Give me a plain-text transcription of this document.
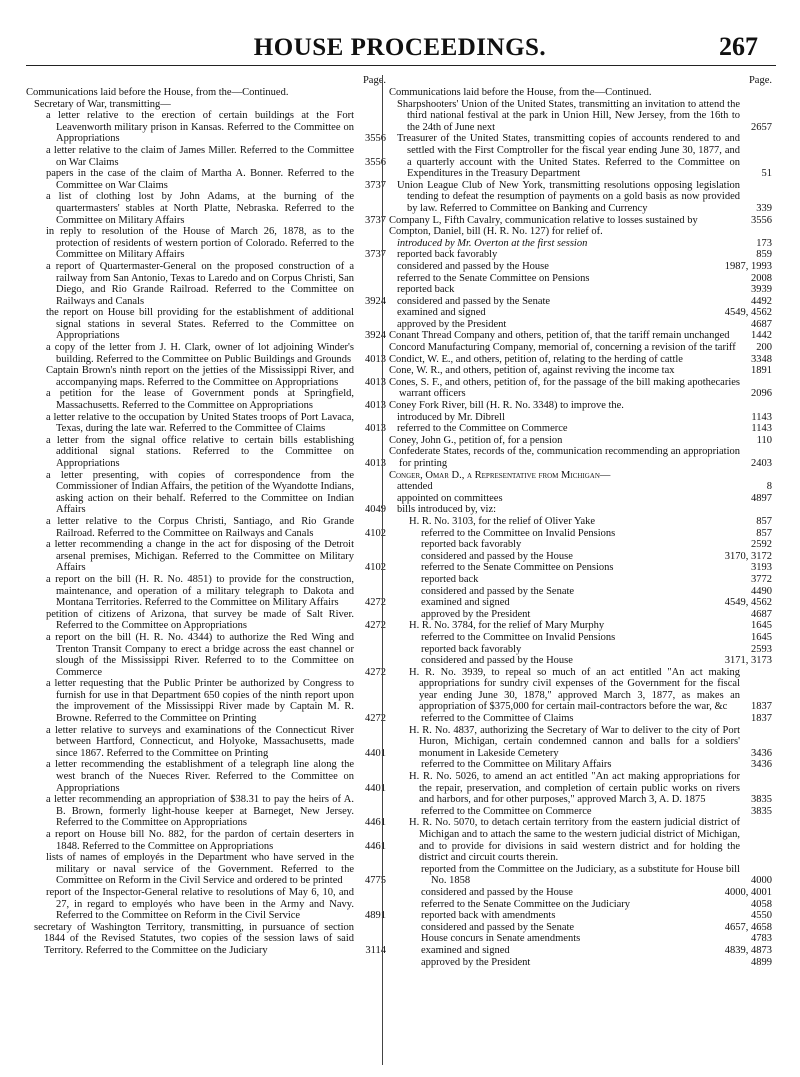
HOUSE PROCEEDINGS.	267
Page.
Communications laid before the House, from the—Continued.
Secretary of War, transmitting—
a letter relative to the erection of certain buildings at the Fort Leavenworth military prison in Kansas. Referred to the Committee on Appropriations	3556
a letter relative to the claim of James Miller. Referred to the Committee on War Claims	3556
papers in the case of the claim of Martha A. Bonner. Referred to the Committee on War Claims	3737
a list of clothing lost by John Adams, at the burning of the quartermasters' stables at North Platte, Nebraska. Referred to the Committee on Military Affairs	3737
in reply to resolution of the House of March 26, 1878, as to the protection of residents of western portion of Colorado. Referred to the Committee on Military Affairs	3737
a report of Quartermaster-General on the proposed construction of a railway from San Antonio, Texas to Laredo and on Corpus Christi, San Diego, and Rio Grande Railroad. Referred to the Committee on Railways and Canals	3924
the report on House bill providing for the establishment of additional signal stations in several States. Referred to the Committee on Appropriations	3924
a copy of the letter from J. H. Clark, owner of lot adjoining Winder's building. Referred to the Committee on Public Buildings and Grounds 4013
Captain Brown's ninth report on the jetties of the Mississippi River, and accompanying maps. Referred to the Committee on Appropriations	4013
a petition for the lease of Government ponds at Springfield, Massachusetts. Referred to the Committee on Appropriations	4013
a letter relative to the occupation by United States troops of Port Lavaca, Texas, during the late war. Referred to the Committee of Claims	4013
a letter from the signal office relative to certain bills establishing additional signal stations. Referred to the Committee on Appropriations	4013
a letter presenting, with copies of correspondence from the Commissioner of Indian Affairs, the petition of the Wyandotte Indians, asking action on their behalf. Referred to the Committee on Indian Affairs	4049
a letter relative to the Corpus Christi, Santiago, and Rio Grande Railroad. Referred to the Committee on Railways and Canals	4102
a letter recommending a change in the act for disposing of the Detroit arsenal premises, Michigan. Referred to the Committee on Military Affairs	4102
a report on the bill (H. R. No. 4851) to provide for the construction, maintenance, and operation of a military telegraph to Dakota and Montana Territories. Referred to the Committee on Military Affairs	4272
petition of citizens of Arizona, that survey be made of Salt River. Referred to the Committee on Appropriations	4272
a report on the bill (H. R. No. 4344) to authorize the Red Wing and Trenton Transit Company to erect a bridge across the east channel or slough of the Mississippi River. Referred to to the Committee on Commerce	4272
a letter requesting that the Public Printer be authorized by Congress to furnish for use in that Department 650 copies of the ninth report upon the improvement of the Mississippi River made by Captain M. R. Browne. Referred to the Committee on Printing	4272
a letter relative to surveys and examinations of the Connecticut River between Hartford, Connecticut, and Holyoke, Massachusetts, made since 1867. Referred to the Committee on Printing	4401
a letter recommending the establishment of a telegraph line along the west branch of the Nueces River. Referred to the Committee on Appropriations	4401
a letter recommending an appropriation of $38.31 to pay the heirs of A. B. Brown, formerly light-house keeper at Barneget, New Jersey. Referred to the Committee on Appropriations	4461
a report on House bill No. 882, for the pardon of certain deserters in 1848. Referred to the Committee on Appropriations	4461
lists of names of employés in the Department who have served in the military or naval service of the Government. Referred to the Committee on Reform in the Civil Service and ordered to be printed	4775
report of the Inspector-General relative to resolutions of May 6, 10, and 27, in regard to employés who have been in the Army and Navy. Referred to the Committee on Reform in the Civil Service	4891
secretary of Washington Territory, transmitting, in pursuance of section 1844 of the Revised Statutes, two copies of the session laws of said Territory. Referred to the Committee on the Judiciary	3114
Page.
Communications laid before the House, from the—Continued.
Sharpshooters' Union of the United States, transmitting an invitation to attend the third national festival at the park in Union Hill, New Jersey, from the 16th to the 24th of June next	2657
Treasurer of the United States, transmitting copies of accounts rendered to and settled with the First Comptroller for the fiscal year ending June 30, 1877, and a quarterly account with the United States. Referred to the Committee on Expenditures in the Treasury Department	51
Union League Club of New York, transmitting resolutions opposing legislation tending to defeat the resumption of payments on a gold basis as now provided by law. Referred to Committee on Banking and Currency	339
Company L, Fifth Cavalry, communication relative to losses sustained by	3556
Compton, Daniel, bill (H. R. No. 127) for relief of.
introduced by Mr. Overton at the first session	173
reported back favorably	859
considered and passed by the House	1987, 1993
referred to the Senate Committee on Pensions	2008
reported back	3939
considered and passed by the Senate	4492
examined and signed	4549, 4562
approved by the President	4687
Conant Thread Company and others, petition of, that the tariff remain unchanged	1442
Concord Manufacturing Company, memorial of, concerning a revision of the tariff	200
Condict, W. E., and others, petition of, relating to the herding of cattle	3348
Cone, W. R., and others, petition of, against reviving the income tax	1891
Cones, S. F., and others, petition of, for the passage of the bill making apothecaries warrant officers	2096
Coney Fork River, bill (H. R. No. 3348) to improve the.
introduced by Mr. Dibrell	1143
referred to the Committee on Commerce	1143
Coney, John G., petition of, for a pension	110
Confederate States, records of the, communication recommending an appropriation for printing	2403
Conger, Omar D., a Representative from Michigan—
attended	8
appointed on committees	4897
bills introduced by, viz:
H. R. No. 3103, for the relief of Oliver Yake	857
referred to the Committee on Invalid Pensions	857
reported back favorably	2592
considered and passed by the House	3170, 3172
referred to the Senate Committee on Pensions	3193
reported back	3772
considered and passed by the Senate	4490
examined and signed	4549, 4562
approved by the President	4687
H. R. No. 3784, for the relief of Mary Murphy	1645
referred to the Committee on Invalid Pensions	1645
reported back favorably	2593
considered and passed by the House	3171, 3173
H. R. No. 3939, to repeal so much of an act entitled "An act making appropriations for sundry civil expenses of the Government for the fiscal year ending June 30, 1878," approved March 3, 1877, as makes an appropriation of $375,000 for certain mail-contractors before the war, &c	1837
referred to the Committee of Claims	1837
H. R. No. 4837, authorizing the Secretary of War to deliver to the city of Port Huron, Michigan, certain condemned cannon and balls for a soldiers' monument in Lakeside Cemetery	3436
referred to the Committee on Military Affairs	3436
H. R. No. 5026, to amend an act entitled "An act making appropriations for the repair, preservation, and completion of certain public works on rivers and harbors, and for other purposes," approved March 3, A. D. 1875	3835
referred to the Committee on Commerce	3835
H. R. No. 5070, to detach certain territory from the eastern judicial district of Michigan and to attach the same to the western judicial district of Michigan, and to provide for divisions in said western district and for holding the district and circuit courts therein.
reported from the Committee on the Judiciary, as a substitute for House bill No. 1858	4000
considered and passed by the House	4000, 4001
referred to the Senate Committee on the Judiciary	4058
reported back with amendments	4550
considered and passed by the Senate	4657, 4658
House concurs in Senate amendments	4783
examined and signed	4839, 4873
approved by the President	4899
